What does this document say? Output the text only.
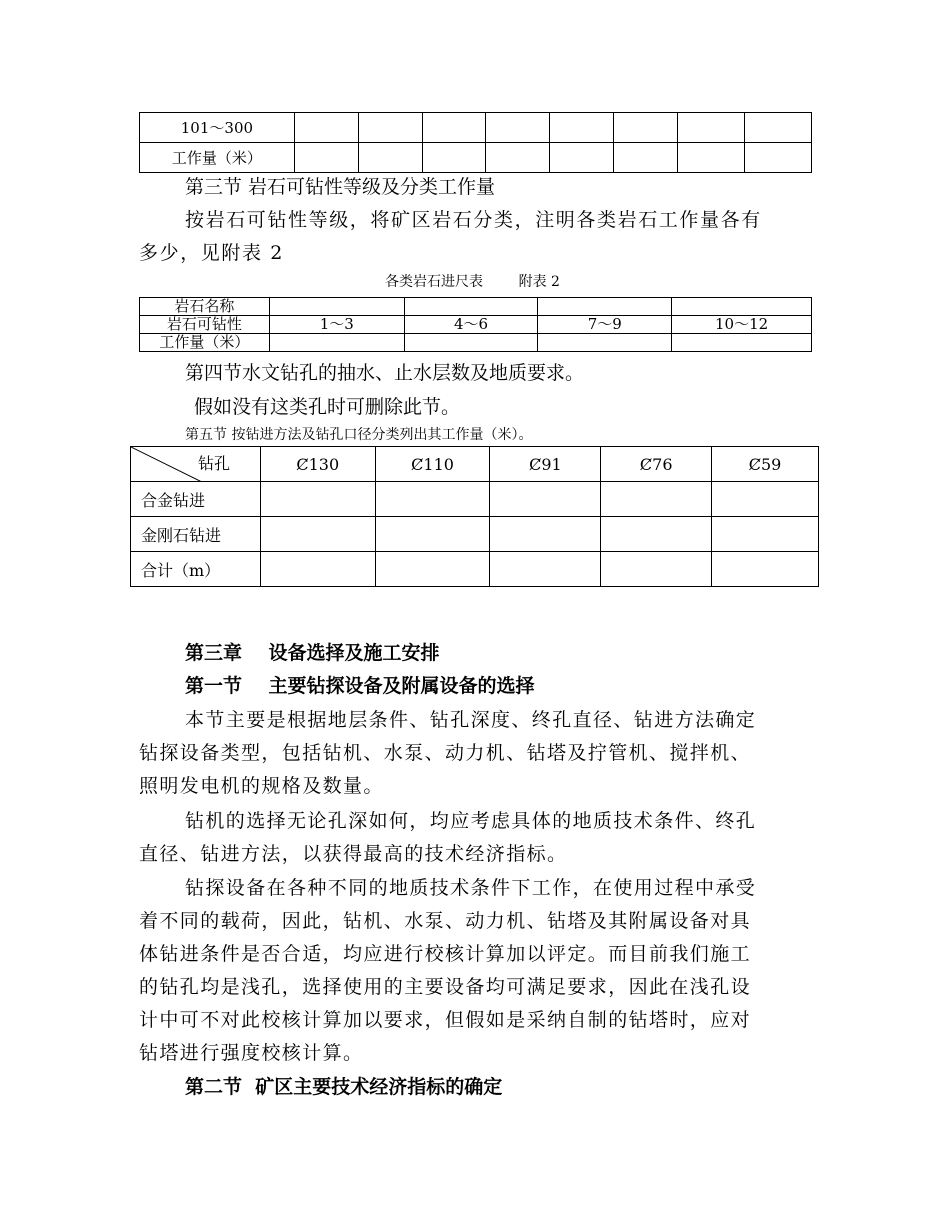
101～300								
工作量（米）								
第三节 岩石可钻性等级及分类工作量
按岩石可钻性等级，将矿区岩石分类，注明各类岩石工作量各有
多少，见附表 2
各类岩石进尺表        附表 2
岩石名称				
岩石可钻性	1～3	4～6	7～9	10～12
工作量（米）				
第四节水文钻孔的抽水、止水层数及地质要求。
假如没有这类孔时可删除此节。
第五节 按钻进方法及钻孔口径分类列出其工作量（米）。
钻孔	Ȼ130	Ȼ110	Ȼ91	Ȼ76	Ȼ59
合金钻进					
金刚石钻进					
合计（m）					
第三章    设备选择及施工安排
第一节    主要钻探设备及附属设备的选择
本节主要是根据地层条件、钻孔深度、终孔直径、钻进方法确定
钻探设备类型，包括钻机、水泵、动力机、钻塔及拧管机、搅拌机、
照明发电机的规格及数量。
钻机的选择无论孔深如何，均应考虑具体的地质技术条件、终孔
直径、钻进方法，以获得最高的技术经济指标。
钻探设备在各种不同的地质技术条件下工作，在使用过程中承受
着不同的载荷，因此，钻机、水泵、动力机、钻塔及其附属设备对具
体钻进条件是否合适，均应进行校核计算加以评定。而目前我们施工
的钻孔均是浅孔，选择使用的主要设备均可满足要求，因此在浅孔设
计中可不对此校核计算加以要求，但假如是采纳自制的钻塔时，应对
钻塔进行强度校核计算。
第二节  矿区主要技术经济指标的确定
